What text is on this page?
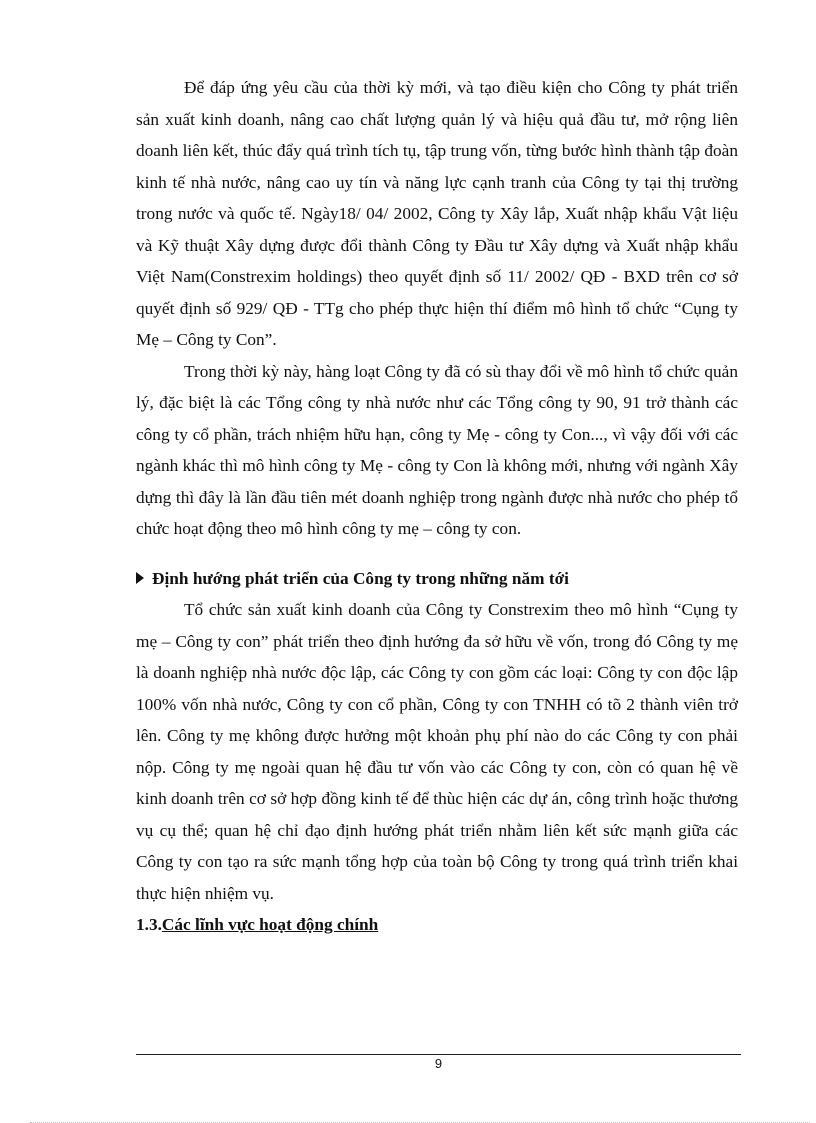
Để đáp ứng yêu cầu của thời kỳ mới, và tạo điều kiện cho Công ty phát triển sản xuất kinh doanh, nâng cao chất lượng quản lý và hiệu quả đầu tư, mở rộng liên doanh liên kết, thúc đẩy quá trình tích tụ, tập trung vốn, từng bước hình thành tập đoàn kinh tế nhà nước, nâng cao uy tín và năng lực cạnh tranh của Công ty tại thị trường trong nước và quốc tế. Ngày18/ 04/ 2002, Công ty Xây lắp, Xuất nhập khẩu Vật liệu và Kỹ thuật Xây dựng được đổi thành Công ty Đầu tư Xây dựng và Xuất nhập khẩu Việt Nam(Constrexim holdings) theo quyết định số 11/ 2002/ QĐ - BXD trên cơ sở quyết định số 929/ QĐ - TTg cho phép thực hiện thí điểm mô hình tổ chức “Cụng ty Mẹ – Công ty Con”.

Trong thời kỳ này, hàng loạt Công ty đã có sù thay đổi về mô hình tổ chức quản lý, đặc biệt là các Tổng công ty nhà nước như các Tổng công ty 90, 91 trở thành các công ty cổ phần, trách nhiệm hữu hạn, công ty Mẹ - công ty Con..., vì vậy đối với các ngành khác thì mô hình công ty Mẹ - công ty Con là không mới, nhưng với ngành Xây dựng thì đây là lần đầu tiên mét doanh nghiệp trong ngành được nhà nước cho phép tổ chức hoạt động theo mô hình công ty mẹ – công ty con.

Định hướng phát triển của Công ty trong những năm tới

Tổ chức sản xuất kinh doanh của Công ty Constrexim theo mô hình “Cụng ty mẹ – Công ty con” phát triển theo định hướng đa sở hữu về vốn, trong đó Công ty mẹ là doanh nghiệp nhà nước độc lập, các Công ty con gồm các loại: Công ty con độc lập 100% vốn nhà nước, Công ty con cổ phần, Công ty con TNHH có tõ 2 thành viên trở lên. Công ty mẹ không được hưởng một khoản phụ phí nào do các Công ty con phải nộp. Công ty mẹ ngoài quan hệ đầu tư vốn vào các Công ty con, còn có quan hệ về kinh doanh trên cơ sở hợp đồng kinh tế để thùc hiện các dự án, công trình hoặc thương vụ cụ thể; quan hệ chỉ đạo định hướng phát triển nhằm liên kết sức mạnh giữa các Công ty con tạo ra sức mạnh tổng hợp của toàn bộ Công ty trong quá trình triển khai thực hiện nhiệm vụ.

1.3.Các lĩnh vực hoạt động chính

9
